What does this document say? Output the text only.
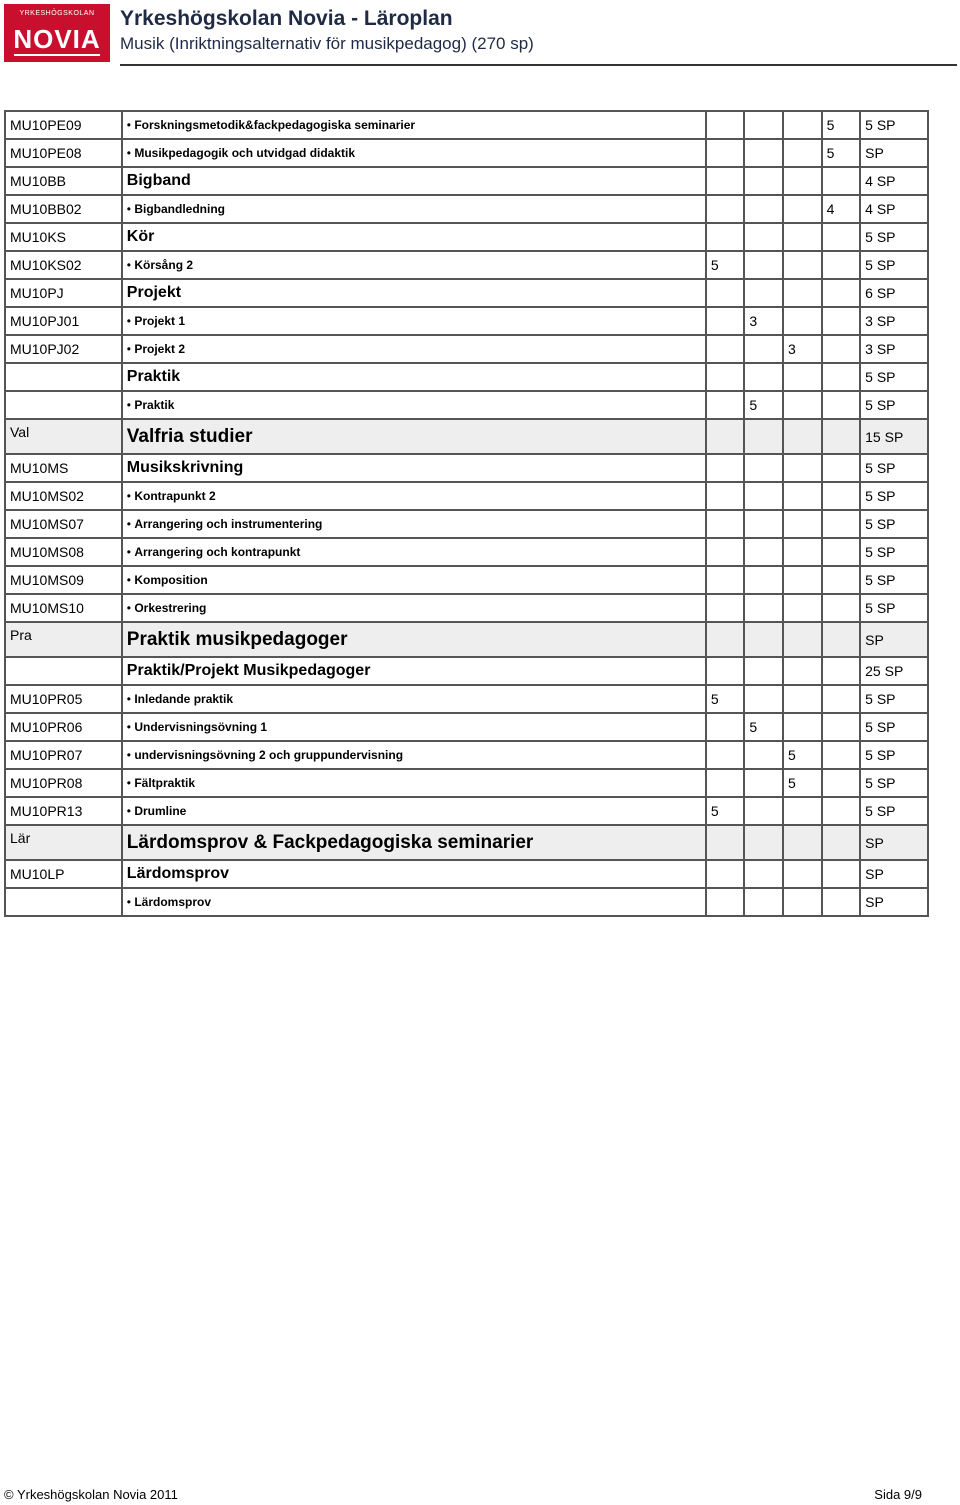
YRKESHÖGSKOLAN
NOVIA
Yrkeshögskolan Novia - Läroplan
Musik (Inriktningsalternativ för musikpedagog) (270 sp)
MU10PE09	• Forskningsmetodik&fackpedagogiska seminarier				5	5 SP
MU10PE08	• Musikpedagogik och utvidgad didaktik				5	SP
MU10BB	Bigband					4 SP
MU10BB02	• Bigbandledning				4	4 SP
MU10KS	Kör					5 SP
MU10KS02	• Körsång 2	5				5 SP
MU10PJ	Projekt					6 SP
MU10PJ01	• Projekt 1		3			3 SP
MU10PJ02	• Projekt 2			3		3 SP
	Praktik					5 SP
	• Praktik		5			5 SP
Val	Valfria studier					15 SP
MU10MS	Musikskrivning					5 SP
MU10MS02	• Kontrapunkt 2					5 SP
MU10MS07	• Arrangering och instrumentering					5 SP
MU10MS08	• Arrangering och kontrapunkt					5 SP
MU10MS09	• Komposition					5 SP
MU10MS10	• Orkestrering					5 SP
Pra	Praktik musikpedagoger					SP
	Praktik/Projekt Musikpedagoger					25 SP
MU10PR05	• Inledande praktik	5				5 SP
MU10PR06	• Undervisningsövning 1		5			5 SP
MU10PR07	• undervisningsövning 2 och gruppundervisning			5		5 SP
MU10PR08	• Fältpraktik			5		5 SP
MU10PR13	• Drumline	5				5 SP
Lär	Lärdomsprov & Fackpedagogiska seminarier					SP
MU10LP	Lärdomsprov					SP
	• Lärdomsprov					SP
© Yrkeshögskolan Novia 2011	Sida 9/9
